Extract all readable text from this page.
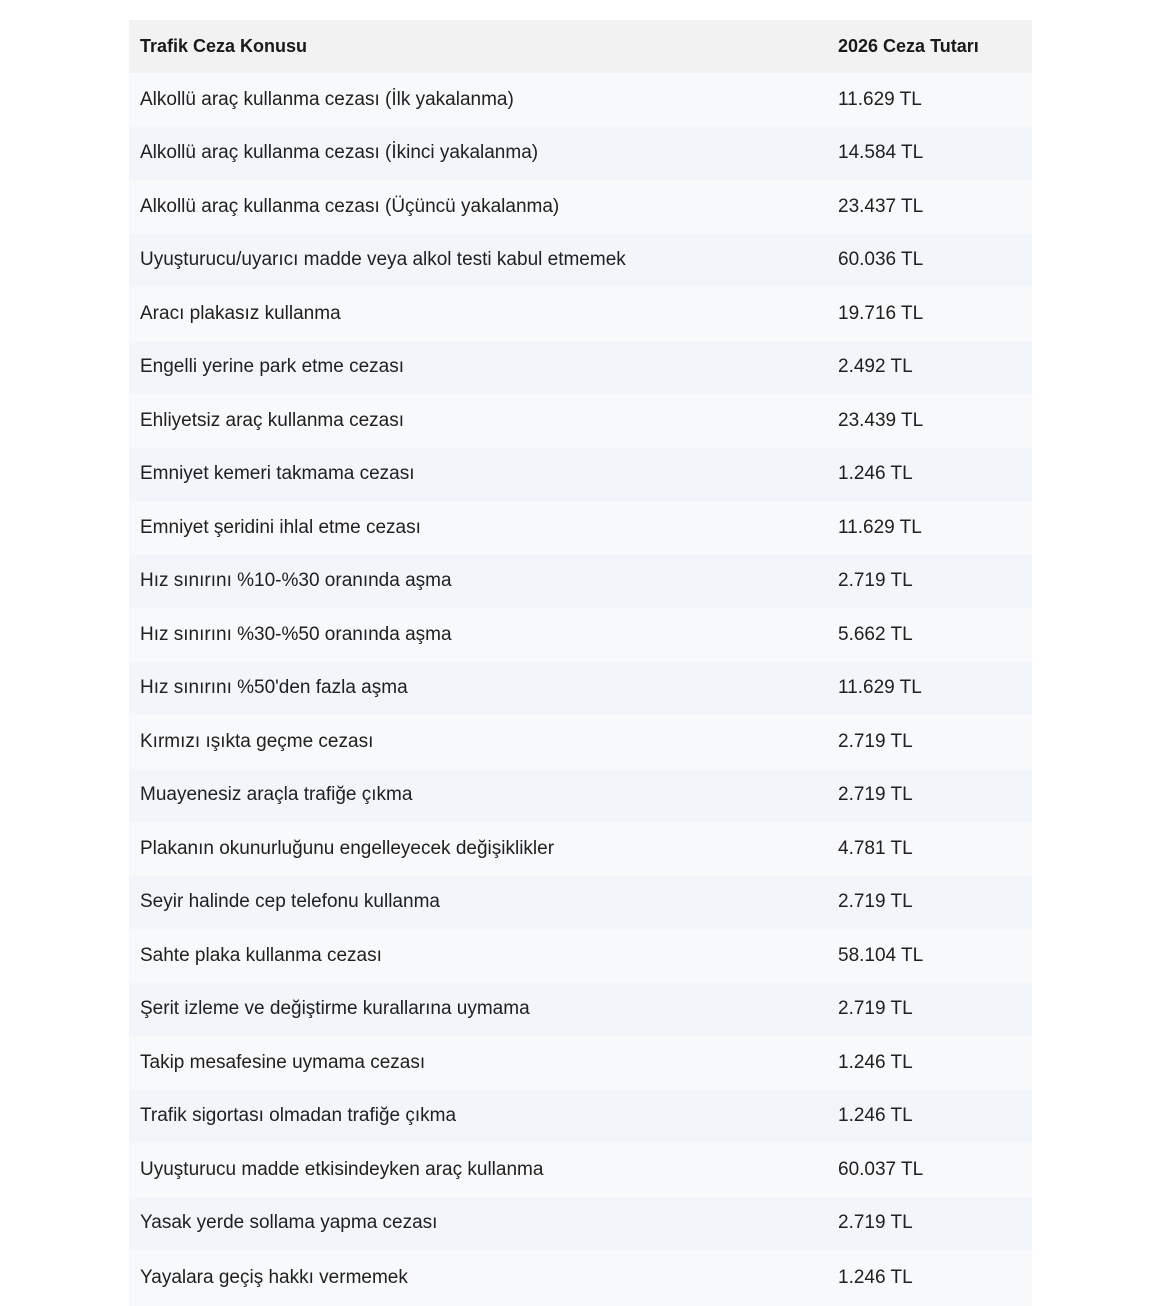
Trafik Ceza Konusu	2026 Ceza Tutarı
Alkollü araç kullanma cezası (İlk yakalanma)	11.629 TL
Alkollü araç kullanma cezası (İkinci yakalanma)	14.584 TL
Alkollü araç kullanma cezası (Üçüncü yakalanma)	23.437 TL
Uyuşturucu/uyarıcı madde veya alkol testi kabul etmemek	60.036 TL
Aracı plakasız kullanma	19.716 TL
Engelli yerine park etme cezası	2.492 TL
Ehliyetsiz araç kullanma cezası	23.439 TL
Emniyet kemeri takmama cezası	1.246 TL
Emniyet şeridini ihlal etme cezası	11.629 TL
Hız sınırını %10-%30 oranında aşma	2.719 TL
Hız sınırını %30-%50 oranında aşma	5.662 TL
Hız sınırını %50'den fazla aşma	11.629 TL
Kırmızı ışıkta geçme cezası	2.719 TL
Muayenesiz araçla trafiğe çıkma	2.719 TL
Plakanın okunurluğunu engelleyecek değişiklikler	4.781 TL
Seyir halinde cep telefonu kullanma	2.719 TL
Sahte plaka kullanma cezası	58.104 TL
Şerit izleme ve değiştirme kurallarına uymama	2.719 TL
Takip mesafesine uymama cezası	1.246 TL
Trafik sigortası olmadan trafiğe çıkma	1.246 TL
Uyuşturucu madde etkisindeyken araç kullanma	60.037 TL
Yasak yerde sollama yapma cezası	2.719 TL
Yayalara geçiş hakkı vermemek	1.246 TL
